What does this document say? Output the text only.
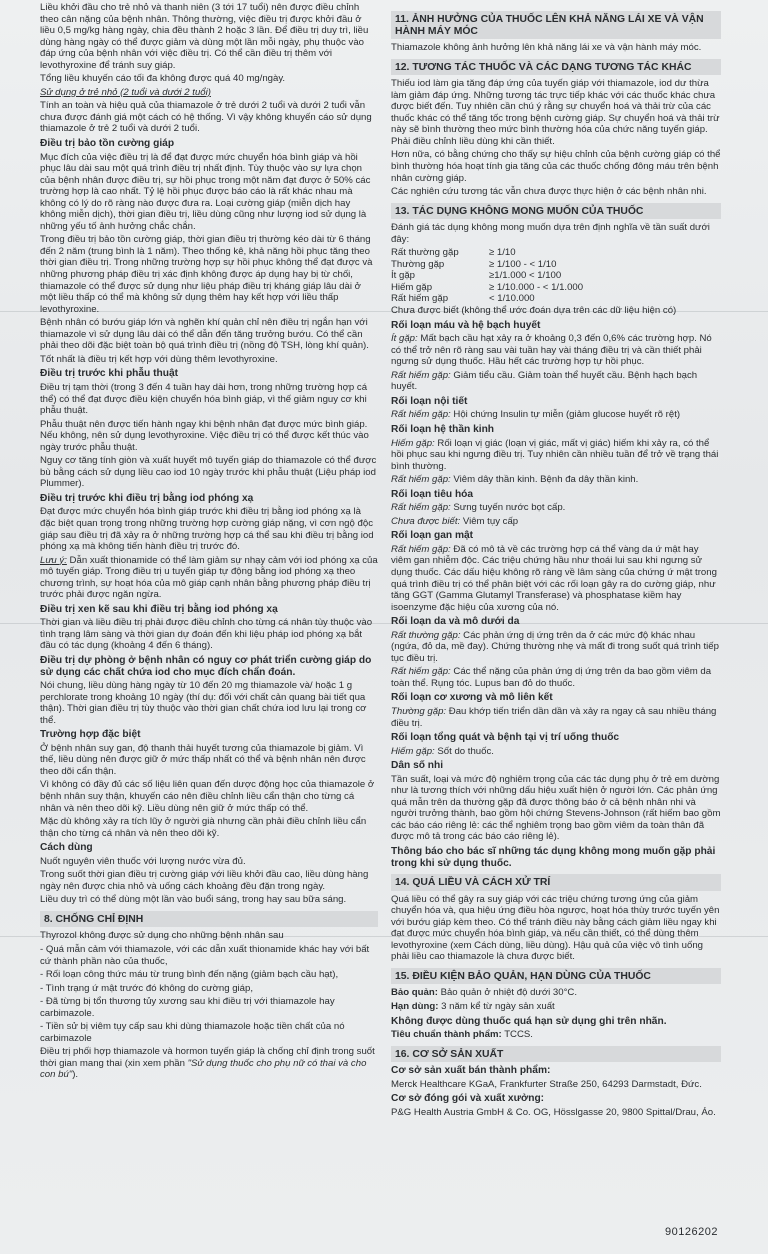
Liều khởi đầu cho trẻ nhỏ và thanh niên (3 tới 17 tuổi) nên được điều chỉnh theo cân nặng của bệnh nhân. Thông thường, việc điều trị được khởi đầu ở liều 0,5 mg/kg hàng ngày, chia đều thành 2 hoặc 3 lần. Để điều trị duy trì, liều dùng hàng ngày có thể được giảm và dùng một lần mỗi ngày, phụ thuộc vào đáp ứng của bệnh nhân với việc điều trị. Có thể cần điều trị thêm với levothyroxine để tránh suy giáp.

Tổng liều khuyến cáo tối đa không được quá 40 mg/ngày.

Sử dụng ở trẻ nhỏ (2 tuổi và dưới 2 tuổi)

Tính an toàn và hiệu quả của thiamazole ở trẻ dưới 2 tuổi và dưới 2 tuổi vẫn chưa được đánh giá một cách có hệ thống. Vì vậy không khuyến cáo sử dụng thiamazole ở trẻ 2 tuổi và dưới 2 tuổi.

Điều trị bảo tồn cường giáp

Mục đích của việc điều trị là để đạt được mức chuyển hóa bình giáp và hồi phục lâu dài sau một quá trình điều trị nhất định. Tùy thuộc vào sự lựa chọn của bệnh nhân được điều trị, sự hồi phục trong một năm đạt được ở 50% các trường hợp là cao nhất. Tỷ lệ hồi phục được báo cáo là rất khác nhau mà không có lý do rõ ràng nào được đưa ra. Loại cường giáp (miễn dịch hay không miễn dịch), thời gian điều trị, liều dùng cũng như lượng iod sử dụng là những yếu tố ảnh hưởng chắc chắn.

Trong điều trị bảo tồn cường giáp, thời gian điều trị thường kéo dài từ 6 tháng đến 2 năm (trung bình là 1 năm). Theo thống kê, khả năng hồi phục tăng theo thời gian điều trị. Trong những trường hợp sự hồi phục không thể đạt được và những phương pháp điều trị xác định không được áp dụng hay bị từ chối, thiamazole có thể được sử dụng như liệu pháp điều trị kháng giáp lâu dài ở một liều thấp có thể mà không sử dụng thêm hay kết hợp với liều thấp levothyroxine.

Bệnh nhân có bướu giáp lớn và nghẽn khí quản chỉ nên điều trị ngắn hạn với thiamazole vì sử dụng lâu dài có thể dẫn đến tăng trưởng bướu. Có thể cần phải theo dõi đặc biệt toàn bộ quá trình điều trị (nồng độ TSH, lòng khí quản).

Tốt nhất là điều trị kết hợp với dùng thêm levothyroxine.

Điều trị trước khi phẫu thuật

Điều trị tạm thời (trong 3 đến 4 tuần hay dài hơn, trong những trường hợp cá thể) có thể đạt được điều kiện chuyển hóa bình giáp, vì thế giảm nguy cơ khi phẫu thuật.

Phẫu thuật nên được tiến hành ngay khi bệnh nhân đạt được mức bình giáp. Nếu không, nên sử dụng levothyroxine. Việc điều trị có thể được kết thúc vào ngày trước phẫu thuật.

Nguy cơ tăng tính giòn và xuất huyết mô tuyến giáp do thiamazole có thể được bù bằng cách sử dụng liều cao iod 10 ngày trước khi phẫu thuật (Liệu pháp iod Plummer).

Điều trị trước khi điều trị bằng iod phóng xạ

Đạt được mức chuyển hóa bình giáp trước khi điều trị bằng iod phóng xạ là đặc biệt quan trọng trong những trường hợp cường giáp nặng, vì cơn ngộ độc giáp sau điều trị đã xảy ra ở những trường hợp cá thể sau khi điều trị bằng iod phóng xạ mà không tiến hành điều trị trước đó.

Lưu ý: Dẫn xuất thionamide có thể làm giảm sự nhạy cảm với iod phóng xạ của mô tuyến giáp. Trong điều trị u tuyến giáp tự động bằng iod phóng xạ theo chương trình, sự hoạt hóa của mô giáp cạnh nhân bằng phương pháp điều trị trước phải được ngăn ngừa.

Điều trị xen kẽ sau khi điều trị bằng iod phóng xạ

Thời gian và liều điều trị phải được điều chỉnh cho từng cá nhân tùy thuộc vào tình trạng lâm sàng và thời gian dự đoán đến khi liệu pháp iod phóng xạ bắt đầu có tác dụng (khoảng 4 đến 6 tháng).

Điều trị dự phòng ở bệnh nhân có nguy cơ phát triển cường giáp do sử dụng các chất chứa iod cho mục đích chẩn đoán.

Nói chung, liều dùng hàng ngày từ 10 đến 20 mg thiamazole và/ hoặc 1 g perchlorate trong khoảng 10 ngày (thí dụ: đối với chất cản quang bài tiết qua thận). Thời gian điều trị tùy thuộc vào thời gian chất chứa iod lưu lại trong cơ thể.

Trường hợp đặc biệt

Ở bệnh nhân suy gan, độ thanh thải huyết tương của thiamazole bị giảm. Vì thế, liều dùng nên được giữ ở mức thấp nhất có thể và bệnh nhân nên được theo dõi cẩn thận.

Vì không có đầy đủ các số liệu liên quan đến dược động học của thiamazole ở bệnh nhân suy thận, khuyến cáo nên điều chỉnh liều cẩn thận cho từng cá nhân và nên theo dõi kỹ. Liều dùng nên giữ ở mức thấp có thể.

Mặc dù không xảy ra tích lũy ở người già nhưng cần phải điều chỉnh liều cẩn thận cho từng cá nhân và nên theo dõi kỹ.

Cách dùng

Nuốt nguyên viên thuốc với lượng nước vừa đủ.

Trong suốt thời gian điều trị cường giáp với liều khởi đầu cao, liều dùng hàng ngày nên được chia nhỏ và uống cách khoảng đều đặn trong ngày.

Liều duy trì có thể dùng một lần vào buổi sáng, trong hay sau bữa sáng.

8. CHỐNG CHỈ ĐỊNH

Thyrozol không được sử dụng cho những bệnh nhân sau

- Quá mẫn cảm với thiamazole, với các dẫn xuất thionamide khác hay với bất cứ thành phần nào của thuốc,

- Rối loạn công thức máu từ trung bình đến nặng (giảm bạch cầu hạt),

- Tình trạng ứ mật trước đó không do cường giáp,

- Đã từng bị tổn thương tủy xương sau khi điều trị với thiamazole hay carbimazole.

- Tiền sử bị viêm tụy cấp sau khi dùng thiamazole hoặc tiền chất của nó carbimazole

Điều trị phối hợp thiamazole và hormon tuyến giáp là chống chỉ định trong suốt thời gian mang thai (xin xem phần "Sử dụng thuốc cho phụ nữ có thai và cho con bú").

11. ẢNH HƯỞNG CỦA THUỐC LÊN KHẢ NĂNG LÁI XE VÀ VẬN HÀNH MÁY MÓC

Thiamazole không ảnh hưởng lên khả năng lái xe và vận hành máy móc.

12. TƯƠNG TÁC THUỐC VÀ CÁC DẠNG TƯƠNG TÁC KHÁC

Thiếu iod làm gia tăng đáp ứng của tuyến giáp với thiamazole, iod dư thừa làm giảm đáp ứng. Những tương tác trực tiếp khác với các thuốc khác chưa được biết đến. Tuy nhiên cần chú ý rằng sự chuyển hoá và thải trừ của các thuốc khác có thể tăng tốc trong bệnh cường giáp. Sự chuyển hoá và thải trừ này sẽ bình thường theo mức bình thường hóa của chức năng tuyến giáp. Phải điều chỉnh liều dùng khi cần thiết.

Hơn nữa, có bằng chứng cho thấy sự hiệu chỉnh của bệnh cường giáp có thể bình thường hóa hoạt tính gia tăng của các thuốc chống đông máu trên bệnh nhân cường giáp.

Các nghiên cứu tương tác vẫn chưa được thực hiện ở các bệnh nhân nhi.

13. TÁC DỤNG KHÔNG MONG MUỐN CỦA THUỐC

Đánh giá tác dụng không mong muốn dựa trên định nghĩa về tần suất dưới đây:

Rất thường gặp	≥ 1/10
Thường gặp	≥ 1/100 - < 1/10
Ít gặp	≥1/1.000 < 1/100
Hiếm gặp	≥ 1/10.000 - < 1/1.000
Rất hiếm gặp	< 1/10.000

Chưa được biết (không thể ước đoán dựa trên các dữ liệu hiện có)

Rối loạn máu và hệ bạch huyết

Ít gặp: Mất bạch cầu hạt xảy ra ở khoảng 0,3 đến 0,6% các trường hợp. Nó có thể trở nên rõ ràng sau vài tuần hay vài tháng điều trị và cần thiết phải ngưng sử dụng thuốc. Hầu hết các trường hợp tự hồi phục.

Rất hiếm gặp: Giảm tiểu cầu. Giảm toàn thể huyết cầu. Bệnh hạch bạch huyết.

Rối loạn nội tiết

Rất hiếm gặp: Hội chứng Insulin tự miễn (giảm glucose huyết rõ rệt)

Rối loạn hệ thần kinh

Hiếm gặp: Rối loạn vị giác (loạn vị giác, mất vị giác) hiếm khi xảy ra, có thể hồi phục sau khi ngưng điều trị. Tuy nhiên cần nhiều tuần để trở về trạng thái bình thường.

Rất hiếm gặp: Viêm dây thần kinh. Bệnh đa dây thần kinh.

Rối loạn tiêu hóa

Rất hiếm gặp: Sưng tuyến nước bọt cấp.

Chưa được biết: Viêm tụy cấp

Rối loạn gan mật

Rất hiếm gặp: Đã có mô tả về các trường hợp cá thể vàng da ứ mật hay viêm gan nhiễm độc. Các triệu chứng hầu như thoái lui sau khi ngưng sử dụng thuốc. Các dấu hiệu không rõ ràng về lâm sàng của chứng ứ mật trong quá trình điều trị có thể phân biệt với các rối loạn gây ra do cường giáp, như tăng GGT (Gamma Glutamyl Transferase) và phosphatase kiềm hay isoenzyme đặc hiệu của xương của nó.

Rối loạn da và mô dưới da

Rất thường gặp: Các phản ứng dị ứng trên da ở các mức độ khác nhau (ngứa, đỏ da, mề đay). Chứng thường nhẹ và mất đi trong suốt quá trình tiếp tục điều trị.

Rất hiếm gặp: Các thể nặng của phản ứng dị ứng trên da bao gồm viêm da toàn thể. Rụng tóc. Lupus ban đỏ do thuốc.

Rối loạn cơ xương và mô liên kết

Thường gặp: Đau khớp tiến triển dần dần và xảy ra ngay cả sau nhiều tháng điều trị.

Rối loạn tổng quát và bệnh tại vị trí uống thuốc

Hiếm gặp: Sốt do thuốc.

Dân số nhi

Tần suất, loại và mức độ nghiêm trọng của các tác dụng phụ ở trẻ em dường như là tương thích với những dấu hiệu xuất hiện ở người lớn. Các phản ứng quá mẫn trên da thường gặp đã được thông báo ở cả bệnh nhân nhi và người trưởng thành, bao gồm hội chứng Stevens-Johnson (rất hiếm bao gồm các báo cáo riêng lẻ: các thể nghiêm trọng bao gồm viêm da toàn thân đã được mô tả trong các báo cáo riêng lẻ).

Thông báo cho bác sĩ những tác dụng không mong muốn gặp phải trong khi sử dụng thuốc.

14. QUÁ LIỀU VÀ CÁCH XỬ TRÍ

Quá liều có thể gây ra suy giáp với các triệu chứng tương ứng của giảm chuyển hóa và, qua hiệu ứng điều hòa ngược, hoạt hóa thùy trước tuyến yên với bướu giáp kèm theo. Có thể tránh điều này bằng cách giảm liều ngay khi đạt được mức chuyển hóa bình giáp, và nếu cần thiết, có thể dùng thêm levothyroxine (xem Cách dùng, liều dùng). Hậu quả của việc vô tình uống phải liều cao thiamazole là chưa được biết.

15. ĐIỀU KIỆN BẢO QUẢN, HẠN DÙNG CỦA THUỐC

Bảo quản: Bảo quản ở nhiệt độ dưới 30°C.

Hạn dùng: 3 năm kể từ ngày sản xuất

Không được dùng thuốc quá hạn sử dụng ghi trên nhãn.

Tiêu chuẩn thành phẩm: TCCS.

16. CƠ SỞ SẢN XUẤT

Cơ sở sản xuất bán thành phẩm:

Merck Healthcare KGaA, Frankfurter Straße 250, 64293 Darmstadt, Đức.

Cơ sở đóng gói và xuất xưởng:

P&G Health Austria GmbH & Co. OG, Hösslgasse 20, 9800 Spittal/Drau, Áo.

90126202
